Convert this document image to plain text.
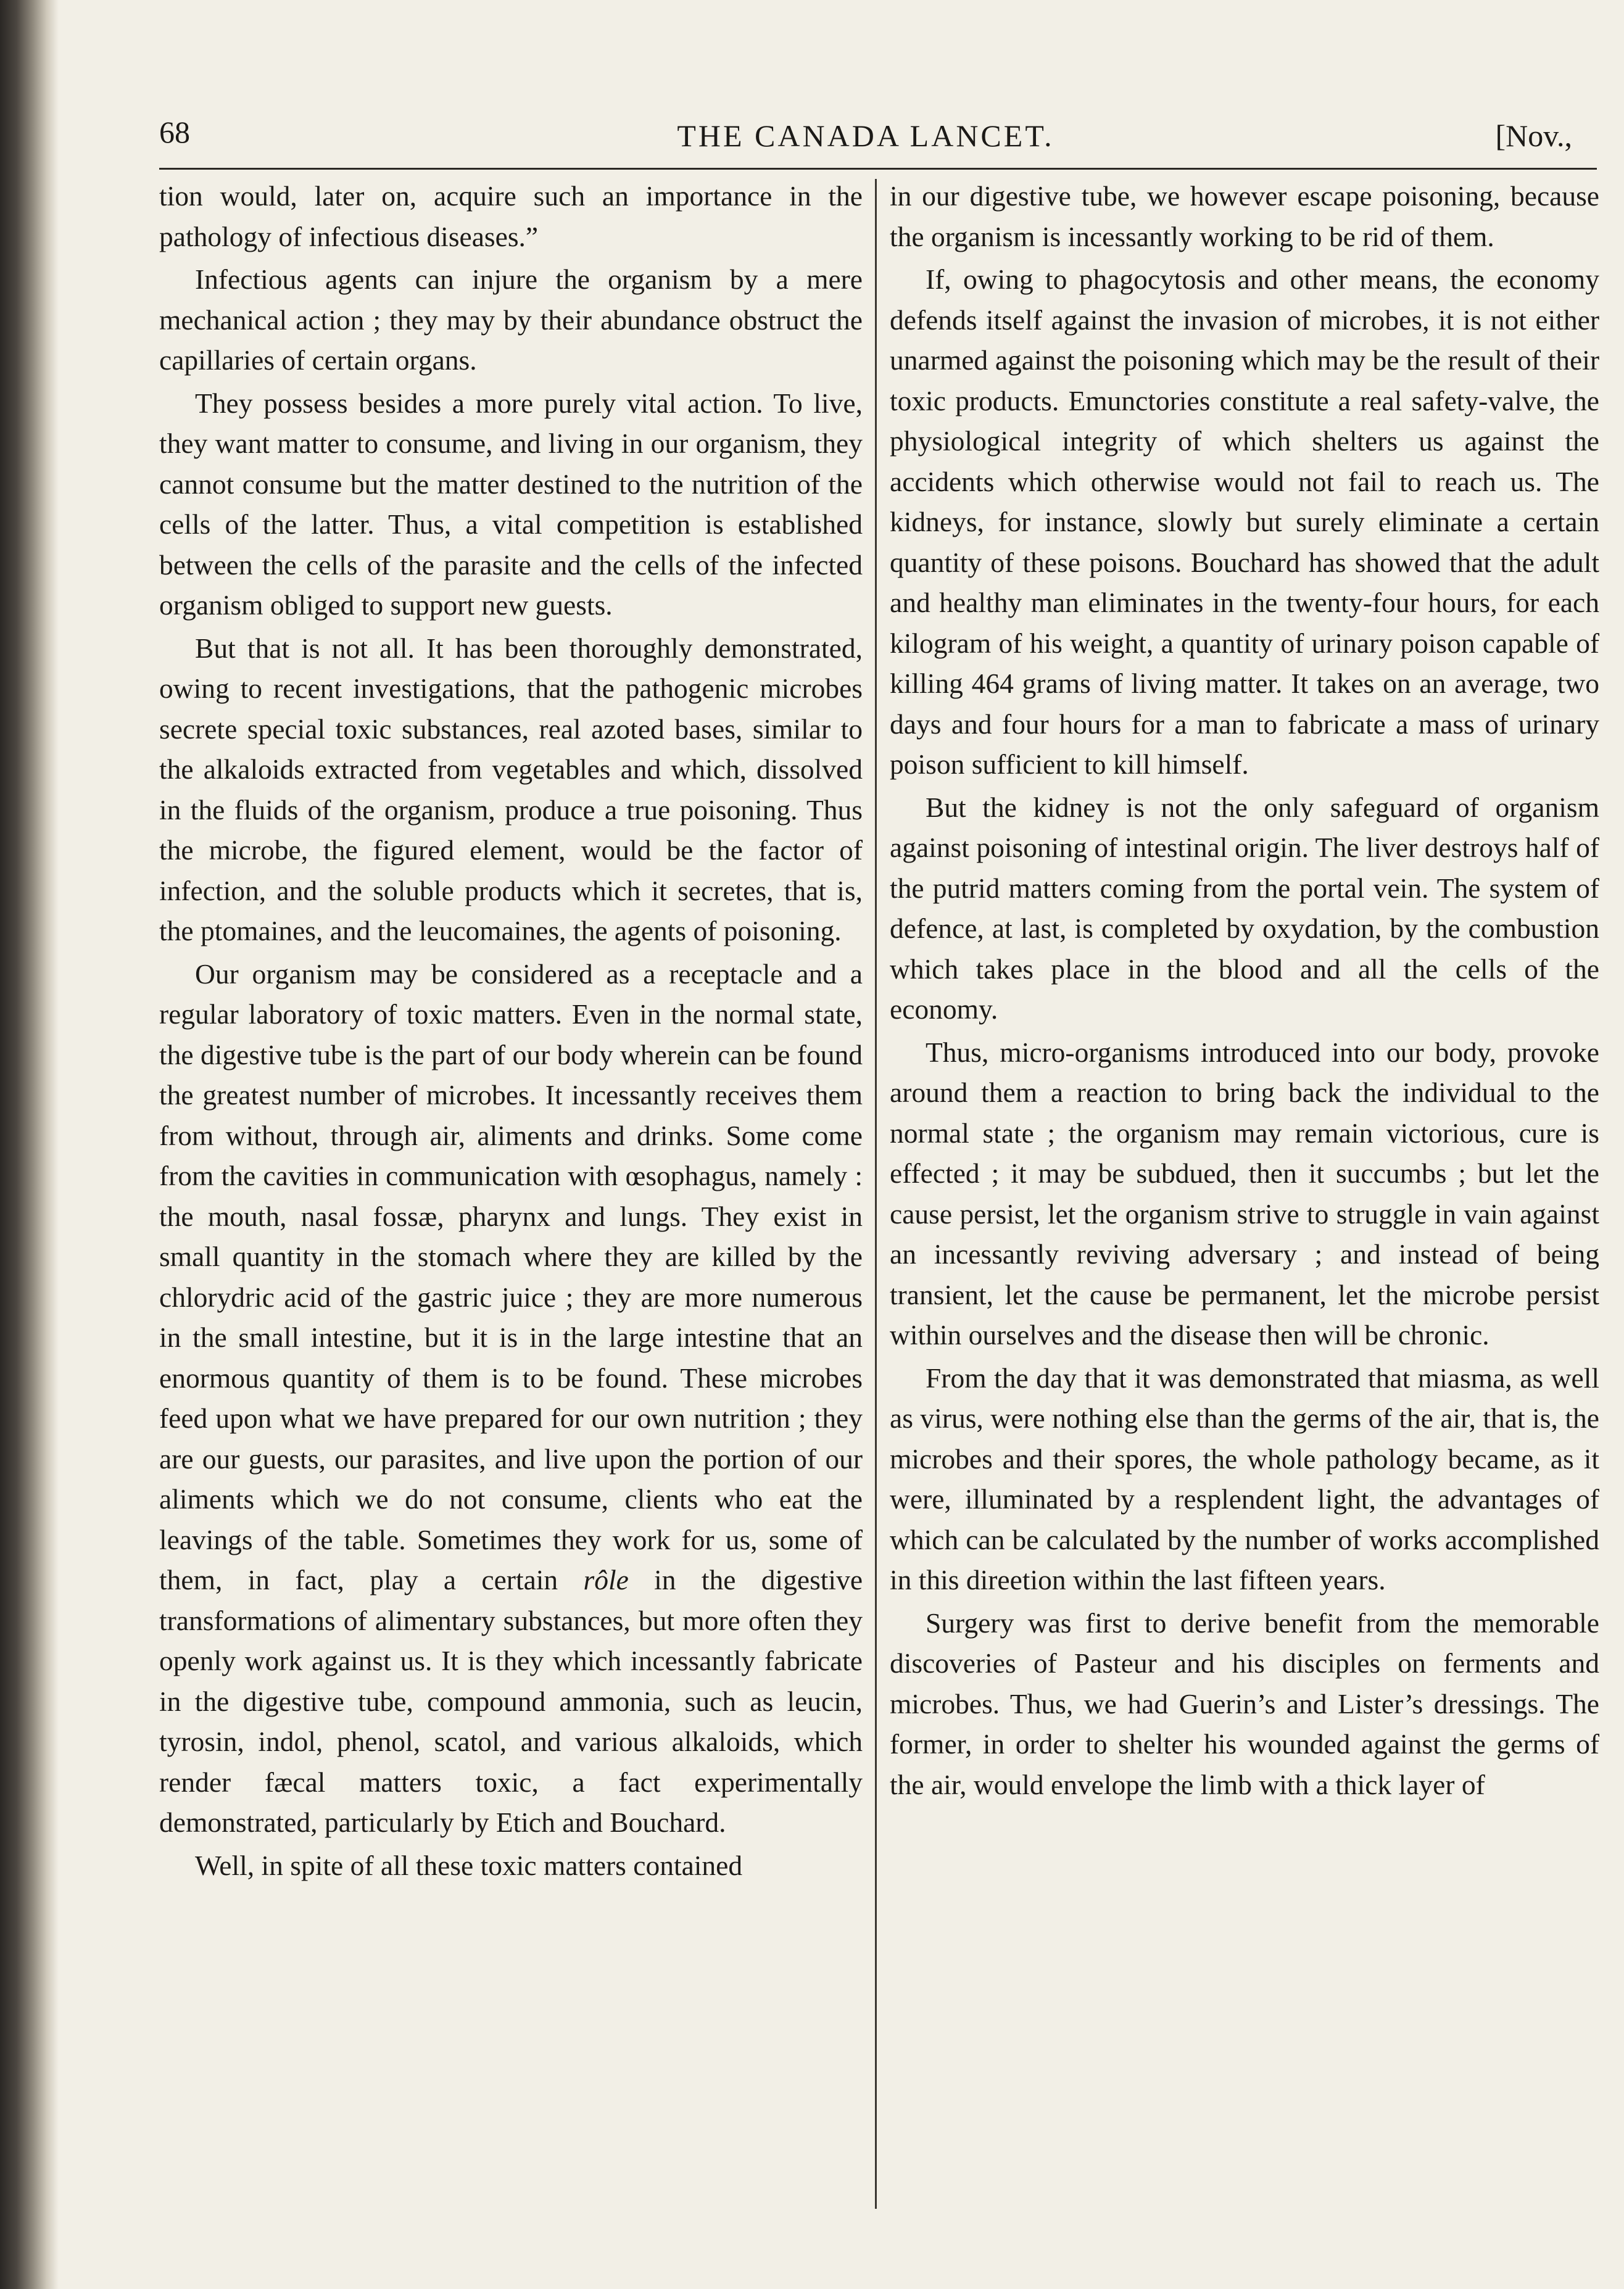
68	THE CANADA LANCET.	[Nov.,

tion would, later on, acquire such an importance in the pathology of infectious diseases.”

Infectious agents can injure the organism by a mere mechanical action ; they may by their abundance obstruct the capillaries of certain organs.

They possess besides a more purely vital action. To live, they want matter to consume, and living in our organism, they cannot consume but the matter destined to the nutrition of the cells of the latter. Thus, a vital competition is established between the cells of the parasite and the cells of the infected organism obliged to support new guests.

But that is not all. It has been thoroughly demonstrated, owing to recent investigations, that the pathogenic microbes secrete special toxic substances, real azoted bases, similar to the alkaloids extracted from vegetables and which, dissolved in the fluids of the organism, produce a true poisoning. Thus the microbe, the figured element, would be the factor of infection, and the soluble products which it secretes, that is, the ptomaines, and the leucomaines, the agents of poisoning.

Our organism may be considered as a receptacle and a regular laboratory of toxic matters. Even in the normal state, the digestive tube is the part of our body wherein can be found the greatest number of microbes. It incessantly receives them from without, through air, aliments and drinks. Some come from the cavities in communication with œsophagus, namely : the mouth, nasal fossæ, pharynx and lungs. They exist in small quantity in the stomach where they are killed by the chlorydric acid of the gastric juice ; they are more numerous in the small intestine, but it is in the large intestine that an enormous quantity of them is to be found. These microbes feed upon what we have prepared for our own nutrition ; they are our guests, our parasites, and live upon the portion of our aliments which we do not consume, clients who eat the leavings of the table. Sometimes they work for us, some of them, in fact, play a certain rôle in the digestive transformations of alimentary substances, but more often they openly work against us. It is they which incessantly fabricate in the digestive tube, compound ammonia, such as leucin, tyrosin, indol, phenol, scatol, and various alkaloids, which render fæcal matters toxic, a fact experimentally demonstrated, particularly by Etich and Bouchard.

Well, in spite of all these toxic matters contained

in our digestive tube, we however escape poisoning, because the organism is incessantly working to be rid of them.

If, owing to phagocytosis and other means, the economy defends itself against the invasion of microbes, it is not either unarmed against the poisoning which may be the result of their toxic products. Emunctories constitute a real safety-valve, the physiological integrity of which shelters us against the accidents which otherwise would not fail to reach us. The kidneys, for instance, slowly but surely eliminate a certain quantity of these poisons. Bouchard has showed that the adult and healthy man eliminates in the twenty-four hours, for each kilogram of his weight, a quantity of urinary poison capable of killing 464 grams of living matter. It takes on an average, two days and four hours for a man to fabricate a mass of urinary poison sufficient to kill himself.

But the kidney is not the only safeguard of organism against poisoning of intestinal origin. The liver destroys half of the putrid matters coming from the portal vein. The system of defence, at last, is completed by oxydation, by the combustion which takes place in the blood and all the cells of the economy.

Thus, micro-organisms introduced into our body, provoke around them a reaction to bring back the individual to the normal state ; the organism may remain victorious, cure is effected ; it may be subdued, then it succumbs ; but let the cause persist, let the organism strive to struggle in vain against an incessantly reviving adversary ; and instead of being transient, let the cause be permanent, let the microbe persist within ourselves and the disease then will be chronic.

From the day that it was demonstrated that miasma, as well as virus, were nothing else than the germs of the air, that is, the microbes and their spores, the whole pathology became, as it were, illuminated by a resplendent light, the advantages of which can be calculated by the number of works accomplished in this direetion within the last fifteen years.

Surgery was first to derive benefit from the memorable discoveries of Pasteur and his disciples on ferments and microbes. Thus, we had Guerin’s and Lister’s dressings. The former, in order to shelter his wounded against the germs of the air, would envelope the limb with a thick layer of
